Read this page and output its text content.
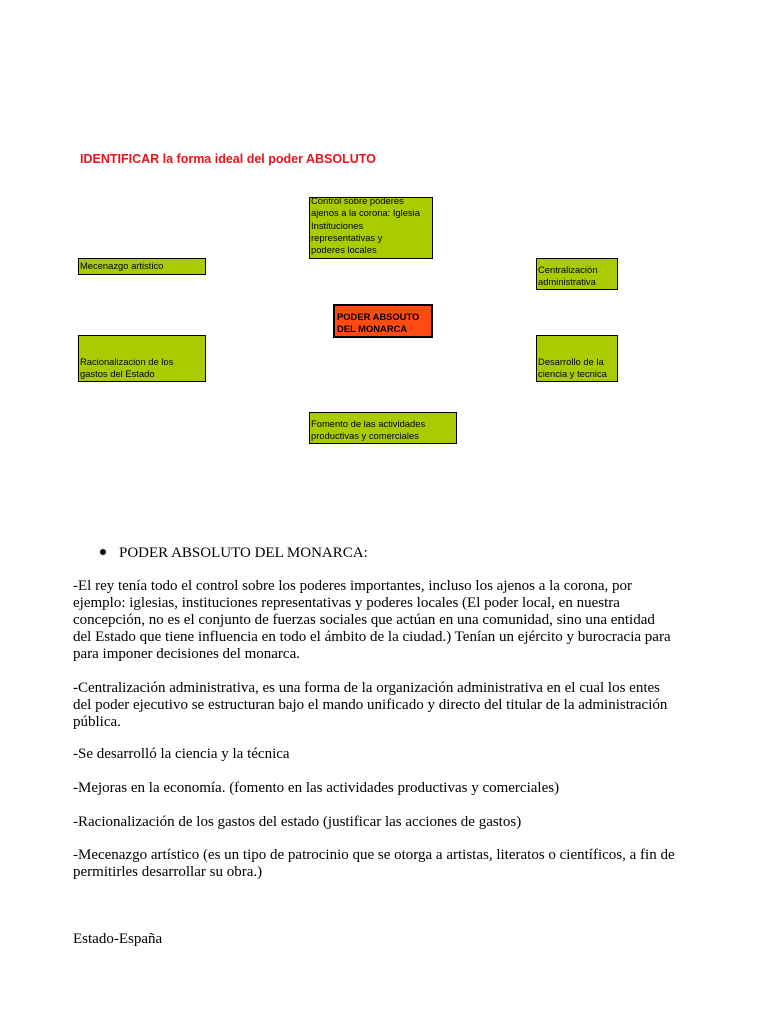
IDENTIFICAR la forma ideal del poder ABSOLUTO
Control sobre poderes
ajenos a la corona: Iglesia
Instituciones
representativas y
poderes locales
Mecenazgo artistico	Centralización
administrativa
PODER ABSOUTO
DEL MONARCA
Racionalizacion de los
gastos del Estado
Desarrollo de la
ciencia y tecnica
Fomento de las actividades
productivas y comerciales
PODER ABSOLUTO DEL MONARCA:
-El rey tenía todo el control sobre los poderes importantes, incluso los ajenos a la corona, por
ejemplo: iglesias, instituciones representativas y poderes locales (El poder local, en nuestra
concepción, no es el conjunto de fuerzas sociales que actúan en una comunidad, sino una entidad
del Estado que tiene influencia en todo el ámbito de la ciudad.) Tenían un ejército y burocracia para
para imponer decisiones del monarca.
-Centralización administrativa, es una forma de la organización administrativa en el cual los entes
del poder ejecutivo se estructuran bajo el mando unificado y directo del titular de la administración
pública.
-Se desarrolló la ciencia y la técnica
-Mejoras en la economía. (fomento en las actividades productivas y comerciales)
-Racionalización de los gastos del estado (justificar las acciones de gastos)
-Mecenazgo artístico (es un tipo de patrocinio que se otorga a artistas, literatos o científicos, a fin de
permitirles desarrollar su obra.)
Estado-España
